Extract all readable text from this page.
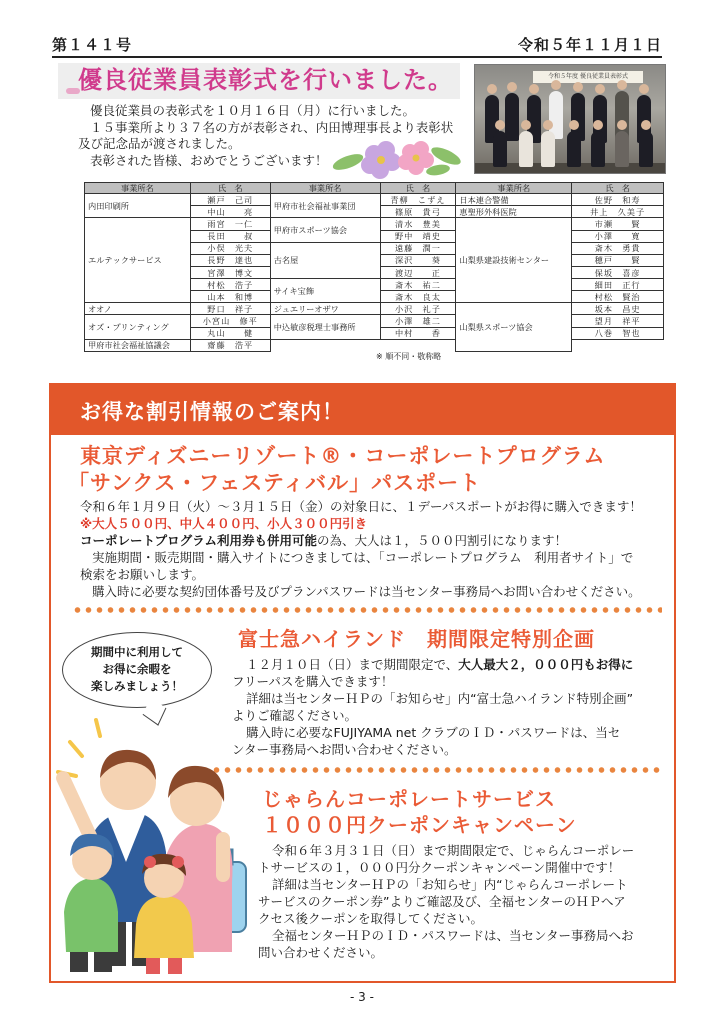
第１４１号	令和５年１１月１日
優良従業員表彰式を行いました。

優良従業員の表彰式を１０月１６日（月）に行いました。

１５事業所より３７名の方が表彰され、内田博理事長より表彰状

及び記念品が渡されました。

表彰された皆様、おめでとうございます！

令和５年度 優良従業員表彰式
事業所名	氏　名	事業所名	氏　名	事業所名	氏　名
内田印刷所	瀬戸　己司	甲府市社会福祉事業団	青柳　こずえ	日本連合警備	佐野　和寿
	中山　　亮		篠原　貴弓	恵聖形外科医院	井上　久美子
エルテックサービス	雨宮　一仁	甲府市スポーツ協会	清水　豊美	山梨県建設技術センター	市瀬　　賢
	長田　　叔		野中　靖史		小澤　　寛
	小俣　光夫	古名屋	遠藤　潤一		斎木　勇貴
	長野　達也		深沢　　葵		穂戸　　賢
	宮澤　博文		渡辺　　正		保坂　喜彦
	村松　浩子	サイキ宝飾	斎木　祐二		細田　正行
	山本　和博		斎木　良太		村松　賢治
オオノ	野口　祥子	ジュエリーオザワ	小沢　礼子	山梨県スポーツ協会	坂本　昌史
オズ・プリンティング	小宮山　修平	中込敏彦税理士事務所	小澤　雄二		望月　祥平
	丸山　　健		中村　　香		八巻　智也
甲府市社会福祉協議会	齋藤　浩平				
※ 順不同・敬称略
お得な割引情報のご案内！
東京ディズニーリゾート®・コーポレートプログラム
「サンクス・フェスティバル」パスポート
令和６年１月９日（火）～３月１５日（金）の対象日に、１デーパスポートがお得に購入できます！
※大人５００円、中人４００円、小人３００円引き
コーポレートプログラム利用券も併用可能の為、大人は１，５００円割引になります！
実施期間・販売期間・購入サイトにつきましては、「コーポレートプログラム　利用者サイト」で
検索をお願いします。
購入時に必要な契約団体番号及びプランパスワードは当センター事務局へお問い合わせください。
期間中に利用して
お得に余暇を
楽しみましょう！
富士急ハイランド　期間限定特別企画
１２月１０日（日）まで期間限定で、大人最大２，０００円もお得に
フリーパスを購入できます！
詳細は当センターＨＰの「お知らせ」内“富士急ハイランド特別企画”
よりご確認ください。
購入時に必要なFUJIYAMA net クラブのＩＤ・パスワードは、当セ
ンター事務局へお問い合わせください。
じゃらんコーポレートサービス
１０００円クーポンキャンペーン
令和６年３月３１日（日）まで期間限定で、じゃらんコーポレー
トサービスの１，０００円分クーポンキャンペーン開催中です！
詳細は当センターＨＰの「お知らせ」内“じゃらんコーポレート
サービスのクーポン券”よりご確認及び、全福センターのＨＰへア
クセス後クーポンを取得してください。
全福センターＨＰのＩＤ・パスワードは、当センター事務局へお
問い合わせください。
- 3 -
